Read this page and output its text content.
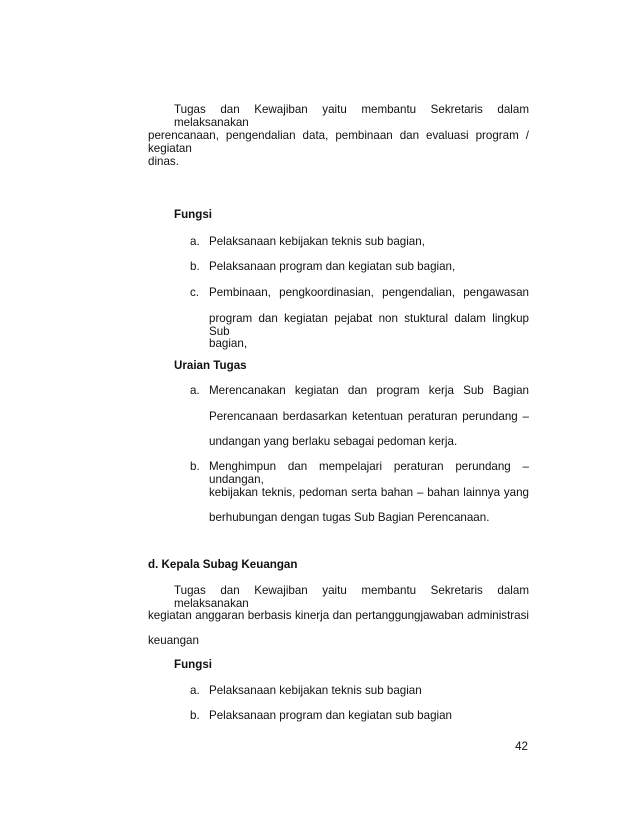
Tugas dan Kewajiban yaitu membantu Sekretaris dalam melaksanakan
perencanaan, pengendalian data, pembinaan dan evaluasi program / kegiatan
dinas.
Fungsi
a. Pelaksanaan kebijakan teknis sub bagian,
b. Pelaksanaan program dan kegiatan sub bagian,
c. Pembinaan, pengkoordinasian, pengendalian, pengawasan
program dan kegiatan pejabat non stuktural dalam lingkup Sub
bagian,
Uraian Tugas
a. Merencanakan kegiatan dan program kerja Sub Bagian
Perencanaan berdasarkan ketentuan peraturan perundang –
undangan yang berlaku sebagai pedoman kerja.
b. Menghimpun dan mempelajari peraturan perundang – undangan,
kebijakan teknis, pedoman serta bahan – bahan lainnya yang
berhubungan dengan tugas Sub Bagian Perencanaan.
d. Kepala Subag Keuangan
Tugas dan Kewajiban yaitu membantu Sekretaris dalam melaksanakan
kegiatan anggaran berbasis kinerja dan pertanggungjawaban administrasi
keuangan
Fungsi
a. Pelaksanaan kebijakan teknis sub bagian
b. Pelaksanaan program dan kegiatan sub bagian
42
